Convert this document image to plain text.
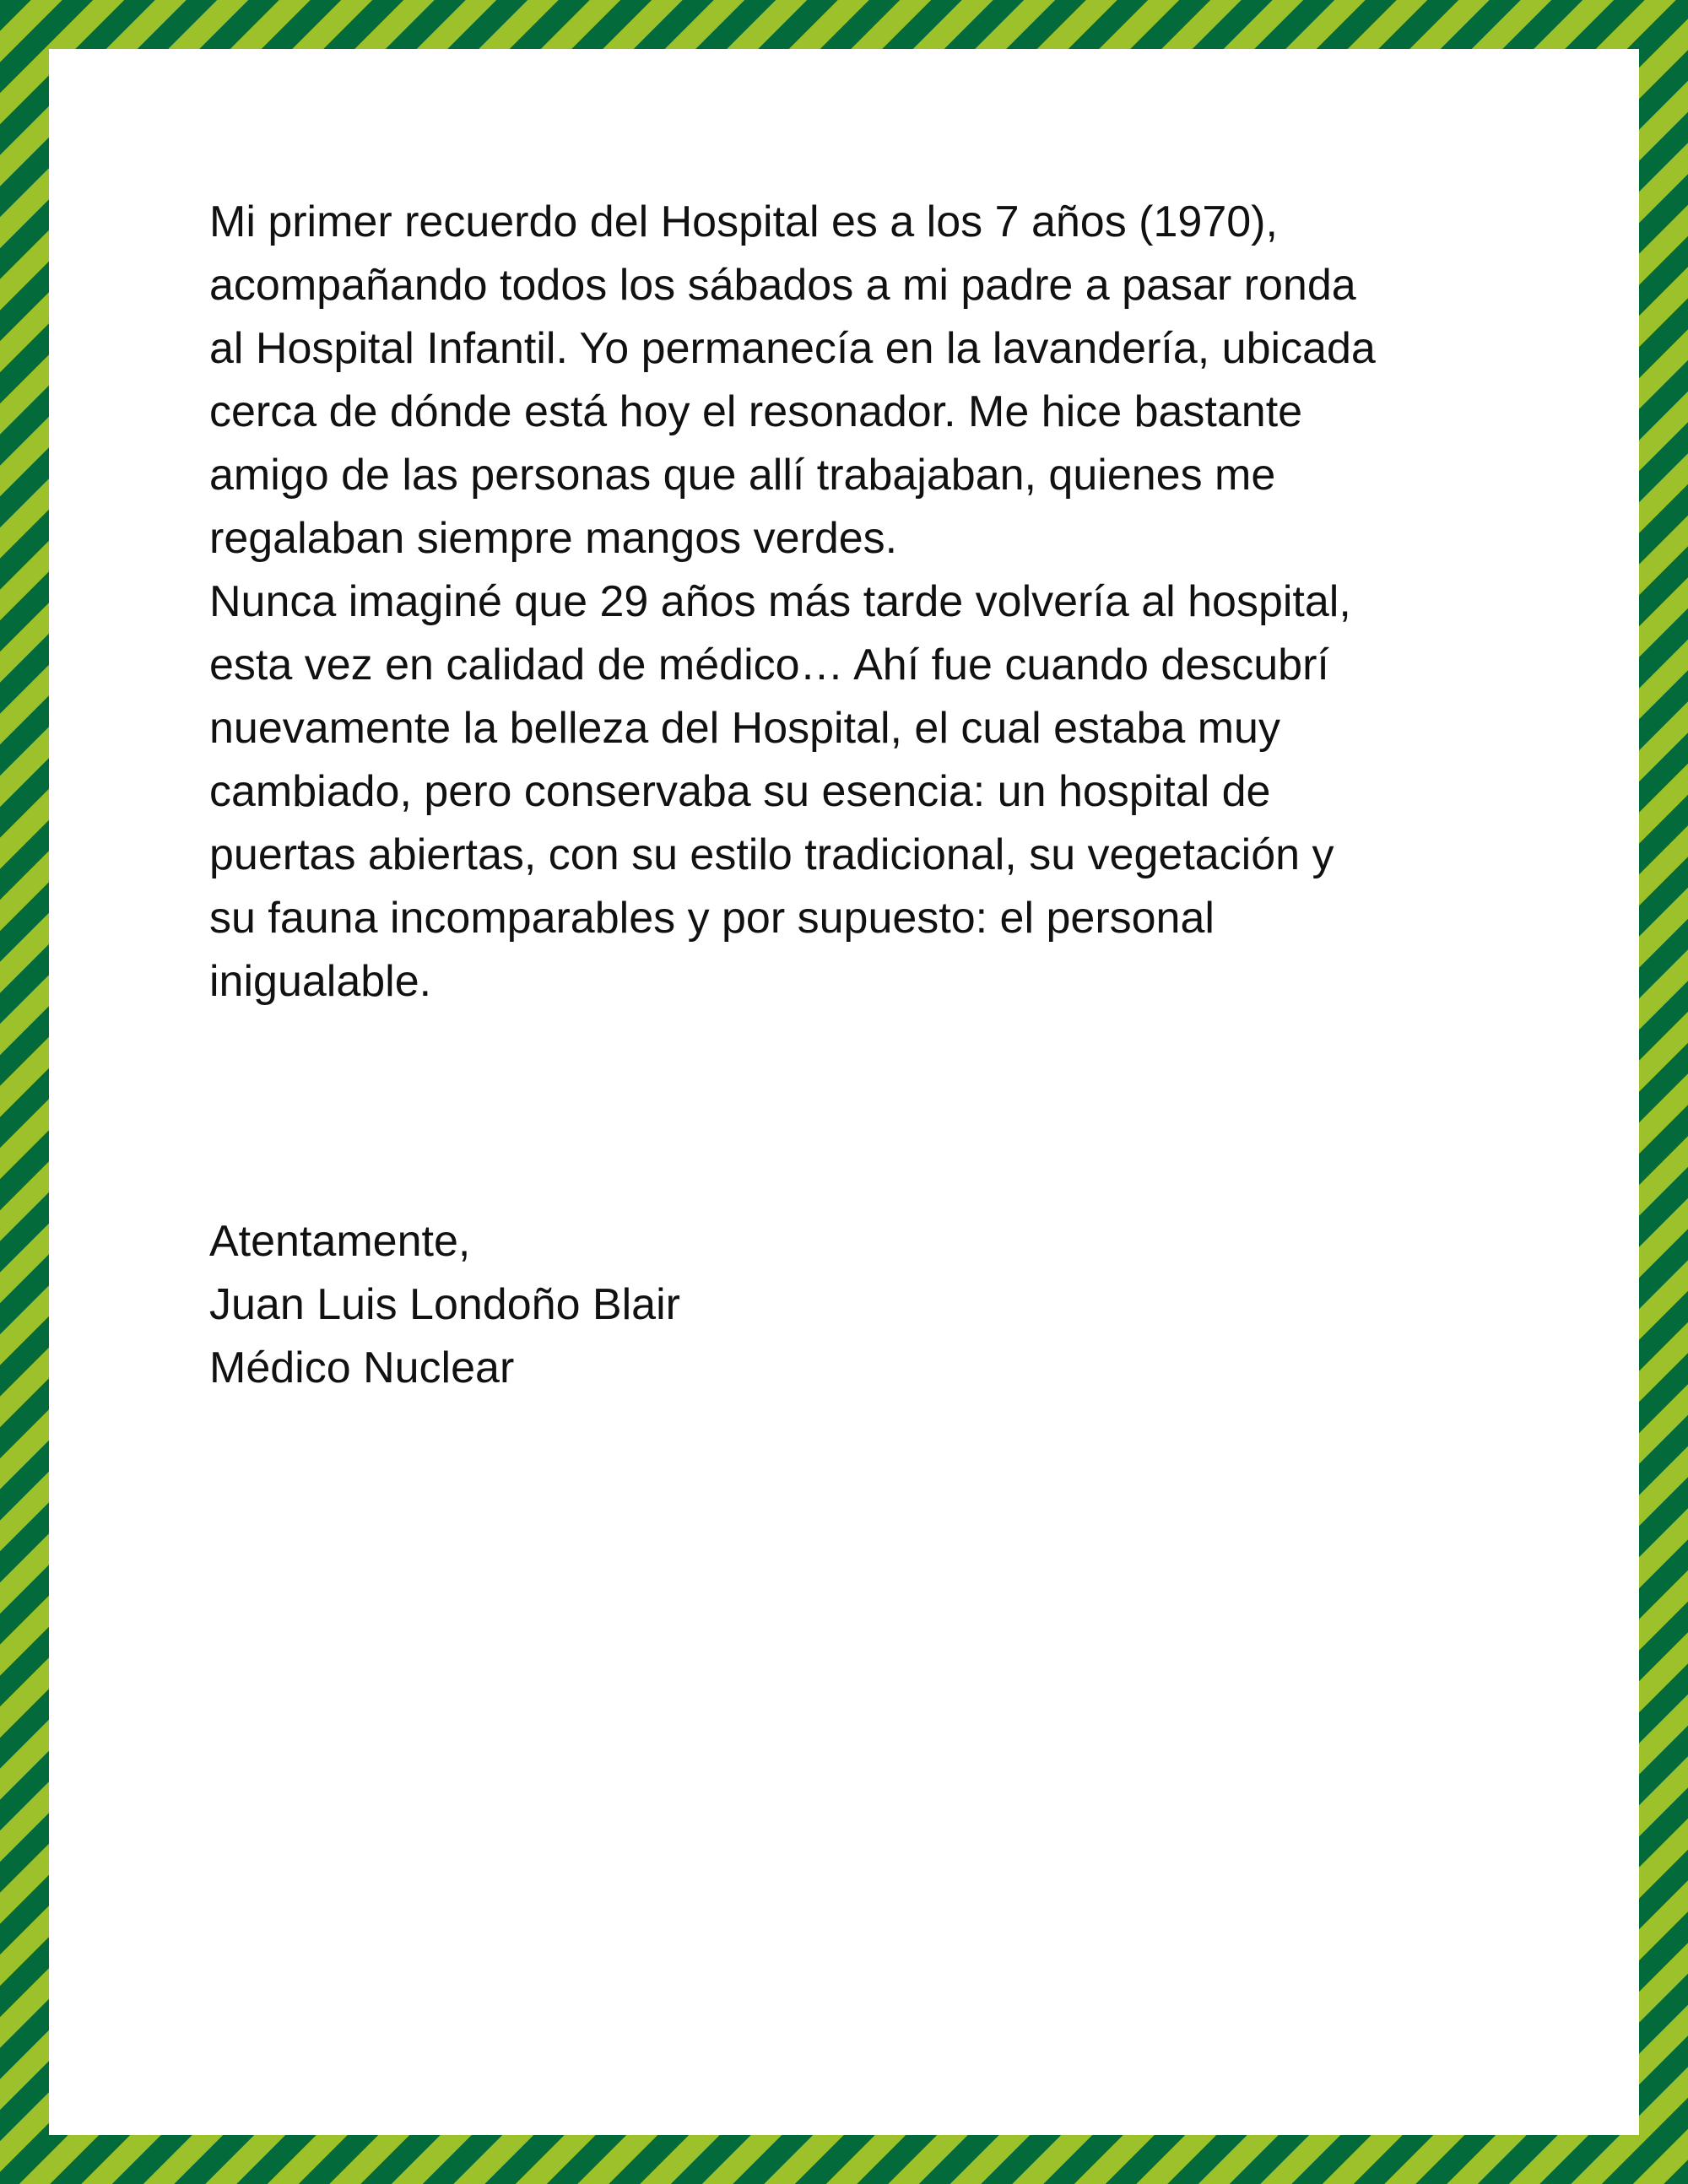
Mi primer recuerdo del Hospital es a los 7 años (1970),
acompañando todos los sábados a mi padre a pasar ronda
al Hospital Infantil. Yo permanecía en la lavandería, ubicada
cerca de dónde está hoy el resonador. Me hice bastante
amigo de las personas que allí trabajaban, quienes me
regalaban siempre mangos verdes.
Nunca imaginé que 29 años más tarde volvería al hospital,
esta vez en calidad de médico… Ahí fue cuando descubrí
nuevamente la belleza del Hospital, el cual estaba muy
cambiado, pero conservaba su esencia: un hospital de
puertas abiertas, con su estilo tradicional, su vegetación y
su fauna incomparables y por supuesto: el personal
inigualable.
Atentamente,
Juan Luis Londoño Blair
Médico Nuclear
